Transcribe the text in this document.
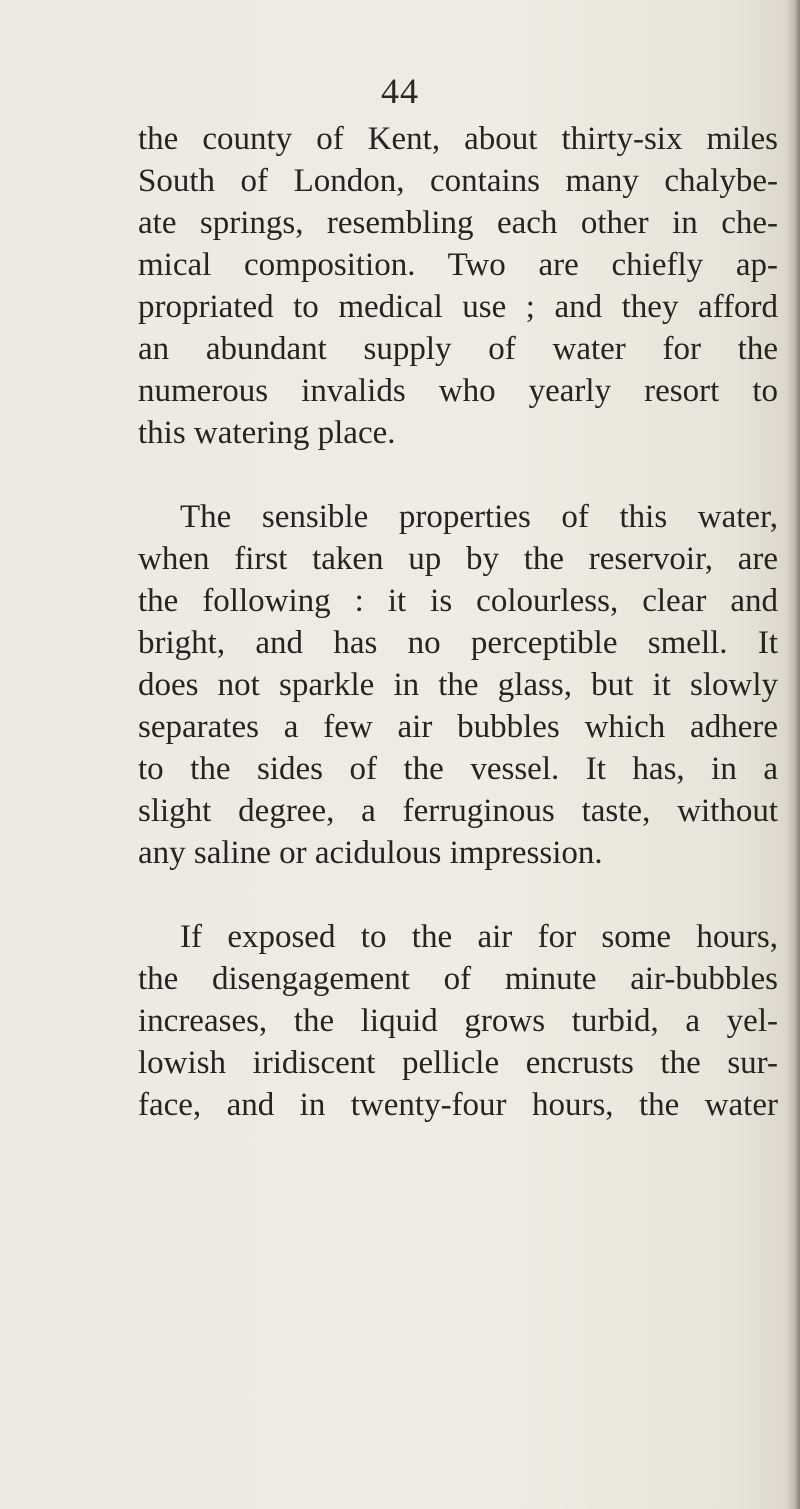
44

the county of Kent, about thirty-six miles
South of London, contains many chalybe-
ate springs, resembling each other in che-
mical composition. Two are chiefly ap-
propriated to medical use ; and they afford
an abundant supply of water for the
numerous invalids who yearly resort to
this watering place.

The sensible properties of this water,
when first taken up by the reservoir, are
the following : it is colourless, clear and
bright, and has no perceptible smell. It
does not sparkle in the glass, but it slowly
separates a few air bubbles which adhere
to the sides of the vessel. It has, in a
slight degree, a ferruginous taste, without
any saline or acidulous impression.

If exposed to the air for some hours,
the disengagement of minute air-bubbles
increases, the liquid grows turbid, a yel-
lowish iridiscent pellicle encrusts the sur-
face, and in twenty-four hours, the water
